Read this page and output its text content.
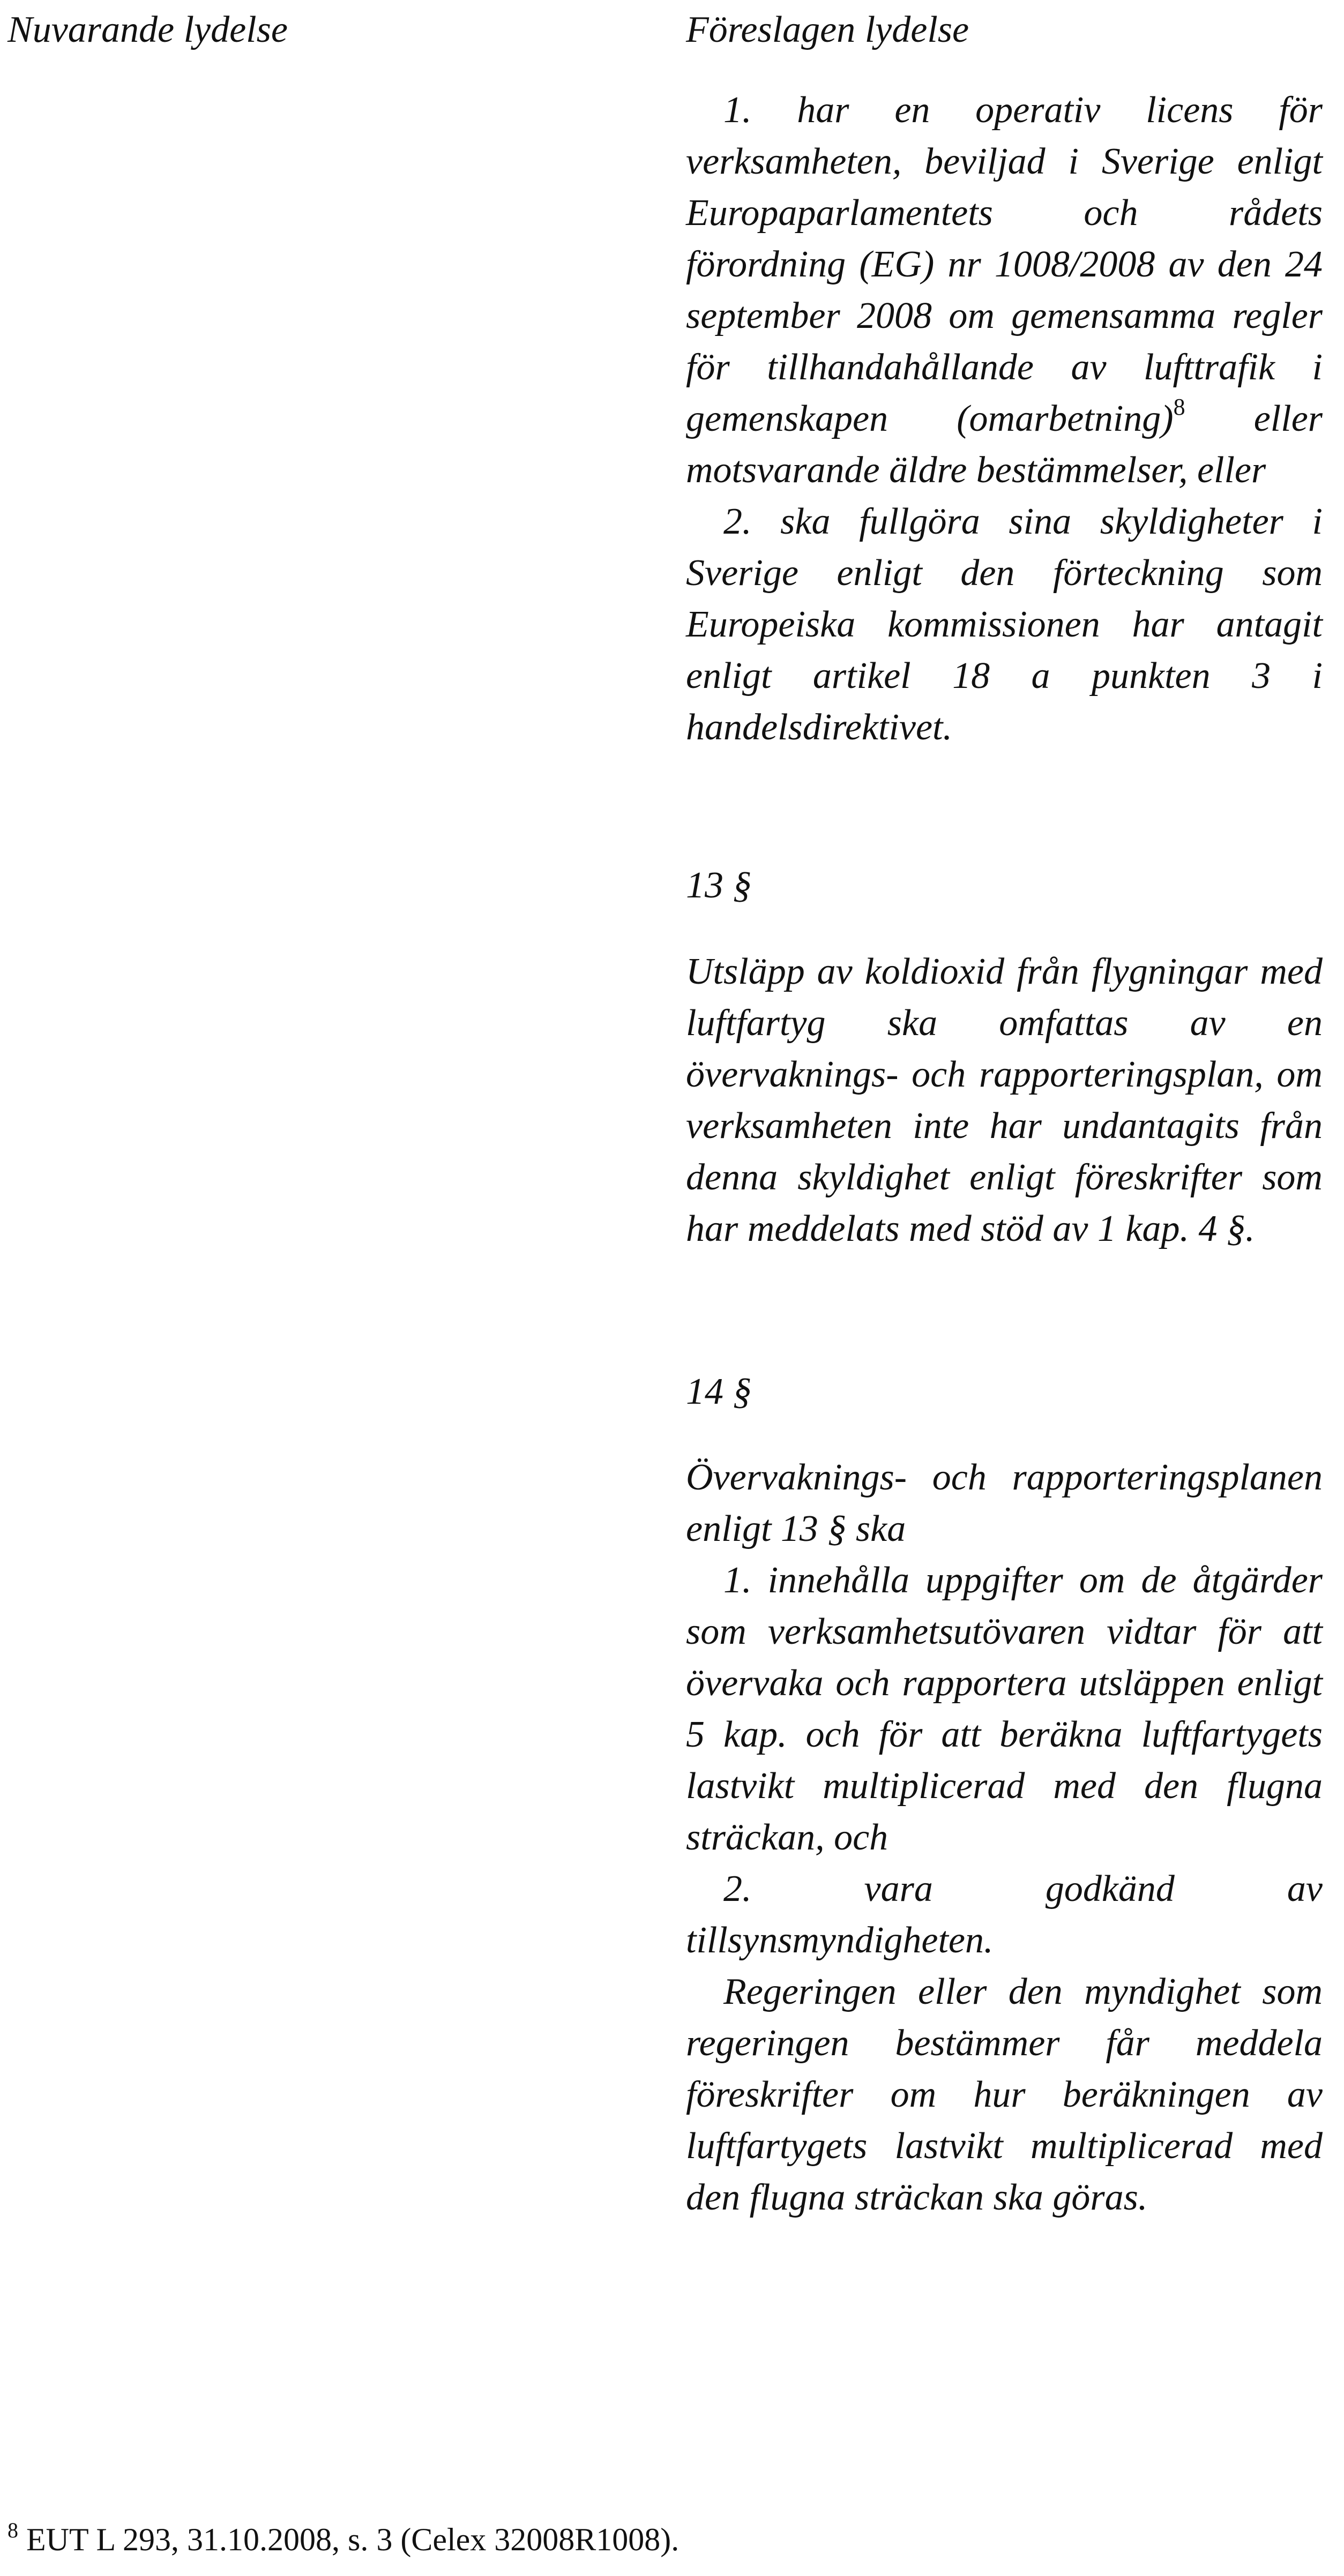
Nuvarande lydelse	Föreslagen lydelse

1. har en operativ licens för verksamheten, beviljad i Sverige enligt Europaparlamentets och rådets förordning (EG) nr 1008/2008 av den 24 september 2008 om gemensamma regler för tillhandahållande av lufttrafik i gemenskapen (omarbetning)$^8$ eller motsvarande äldre bestämmelser, eller

2. ska fullgöra sina skyldigheter i Sverige enligt den förteckning som Europeiska kommissionen har antagit enligt artikel 18 a punkten 3 i handelsdirektivet.

13 §

Utsläpp av koldioxid från flygningar med luftfartyg ska omfattas av en övervaknings- och rapporteringsplan, om verksamheten inte har undantagits från denna skyldighet enligt föreskrifter som har meddelats med stöd av 1 kap. 4 §.

14 §

Övervaknings- och rapporteringsplanen enligt 13 § ska

1. innehålla uppgifter om de åtgärder som verksamhetsutövaren vidtar för att övervaka och rapportera utsläppen enligt 5 kap. och för att beräkna luftfartygets lastvikt multiplicerad med den flugna sträckan, och

2. vara godkänd av tillsynsmyndigheten.

Regeringen eller den myndighet som regeringen bestämmer får meddela föreskrifter om hur beräkningen av luftfartygets lastvikt multiplicerad med den flugna sträckan ska göras.

$^8$ EUT L 293, 31.10.2008, s. 3 (Celex 32008R1008).
